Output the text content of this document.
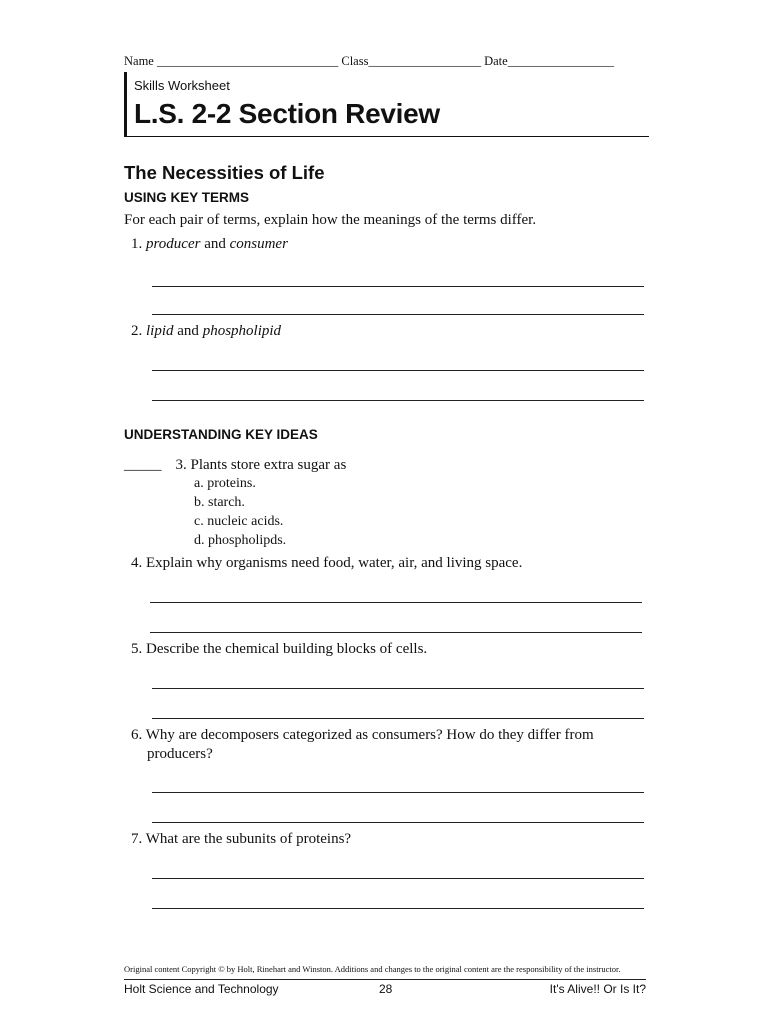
Name _____________________________ Class__________________ Date_________________
Skills Worksheet
L.S. 2-2 Section Review
The Necessities of Life
USING KEY TERMS
For each pair of terms, explain how the meanings of the terms differ.
1. producer and consumer
2. lipid and phospholipid
UNDERSTANDING KEY IDEAS
_____ 3. Plants store extra sugar as
a. proteins.
b. starch.
c. nucleic acids.
d. phospholipds.
4. Explain why organisms need food, water, air, and living space.
5. Describe the chemical building blocks of cells.
6. Why are decomposers categorized as consumers? How do they differ from
producers?
7. What are the subunits of proteins?
Original content Copyright © by Holt, Rinehart and Winston. Additions and changes to the original content are the responsibility of the instructor.
Holt Science and Technology	28	It's Alive!! Or Is It?
